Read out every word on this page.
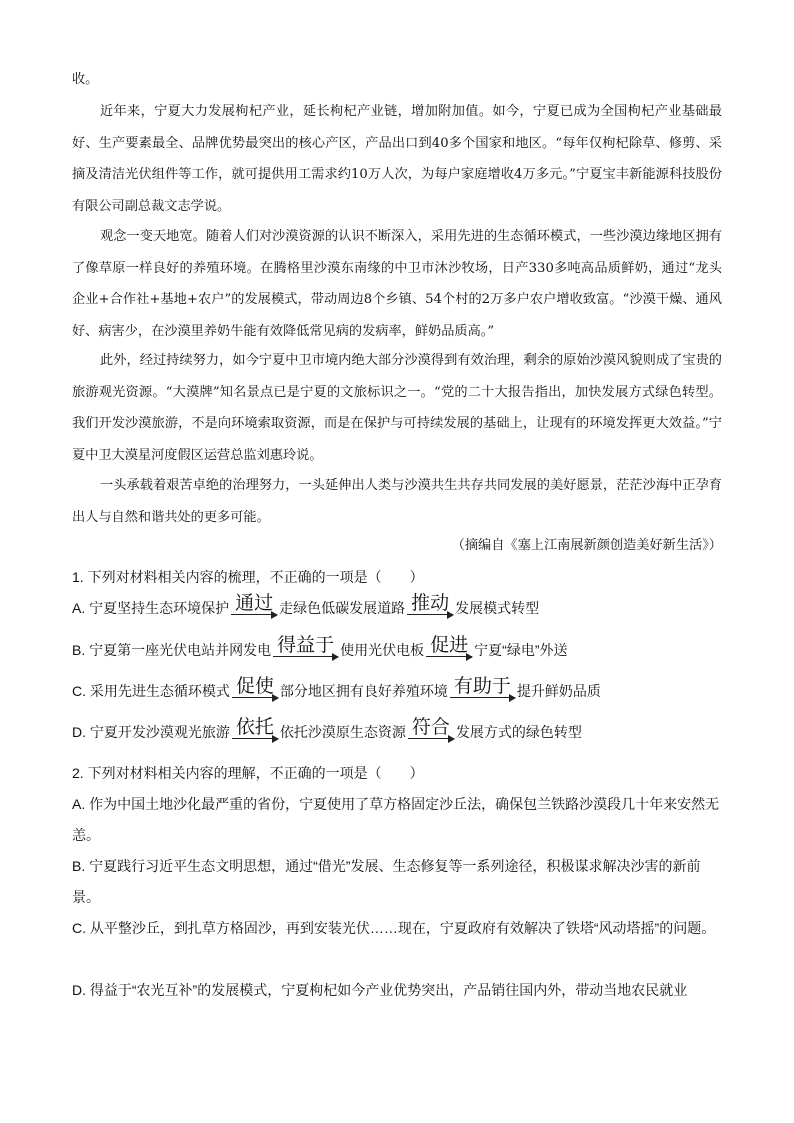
收。
近年来，宁夏大力发展枸杞产业，延长枸杞产业链，增加附加值。如今，宁夏已成为全国枸杞产业基础最好、生产要素最全、品牌优势最突出的核心产区，产品出口到40多个国家和地区。“每年仅枸杞除草、修剪、采摘及清洁光伏组件等工作，就可提供用工需求约10万人次，为每户家庭增收4万多元。”宁夏宝丰新能源科技股份有限公司副总裁文志学说。
观念一变天地宽。随着人们对沙漠资源的认识不断深入，采用先进的生态循环模式，一些沙漠边缘地区拥有了像草原一样良好的养殖环境。在腾格里沙漠东南缘的中卫市沐沙牧场，日产330多吨高品质鲜奶，通过“龙头企业+合作社+基地+农户”的发展模式，带动周边8个乡镇、54个村的2万多户农户增收致富。“沙漠干燥、通风好、病害少，在沙漠里养奶牛能有效降低常见病的发病率，鲜奶品质高。”
此外，经过持续努力，如今宁夏中卫市境内绝大部分沙漠得到有效治理，剩余的原始沙漠风貌则成了宝贵的旅游观光资源。“大漠牌”知名景点已是宁夏的文旅标识之一。“党的二十大报告指出，加快发展方式绿色转型。我们开发沙漠旅游，不是向环境索取资源，而是在保护与可持续发展的基础上，让现有的环境发挥更大效益。”宁夏中卫大漠星河度假区运营总监刘惠玲说。
一头承载着艰苦卓绝的治理努力，一头延伸出人类与沙漠共生共存共同发展的美好愿景，茫茫沙海中正孕育出人与自然和谐共处的更多可能。
（摘编自《塞上江南展新颜创造美好新生活》）
1. 下列对材料相关内容的梳理，不正确的一项是（　　）
A. 宁夏坚持生态环境保护 通过 走绿色低碳发展道路 推动 发展模式转型
B. 宁夏第一座光伏电站并网发电 得益于 使用光伏电板 促进 宁夏“绿电”外送
C. 采用先进生态循环模式 促使 部分地区拥有良好养殖环境 有助于 提升鲜奶品质
D. 宁夏开发沙漠观光旅游 依托 依托沙漠原生态资源 符合 发展方式的绿色转型
2. 下列对材料相关内容的理解，不正确的一项是（　　）
A. 作为中国土地沙化最严重的省份，宁夏使用了草方格固定沙丘法，确保包兰铁路沙漠段几十年来安然无恙。
B. 宁夏践行习近平生态文明思想，通过“借光”发展、生态修复等一系列途径，积极谋求解决沙害的新前景。
C. 从平整沙丘，到扎草方格固沙，再到安装光伏……现在，宁夏政府有效解决了铁塔“风动塔摇”的问题。
D. 得益于“农光互补”的发展模式，宁夏枸杞如今产业优势突出，产品销往国内外，带动当地农民就业
